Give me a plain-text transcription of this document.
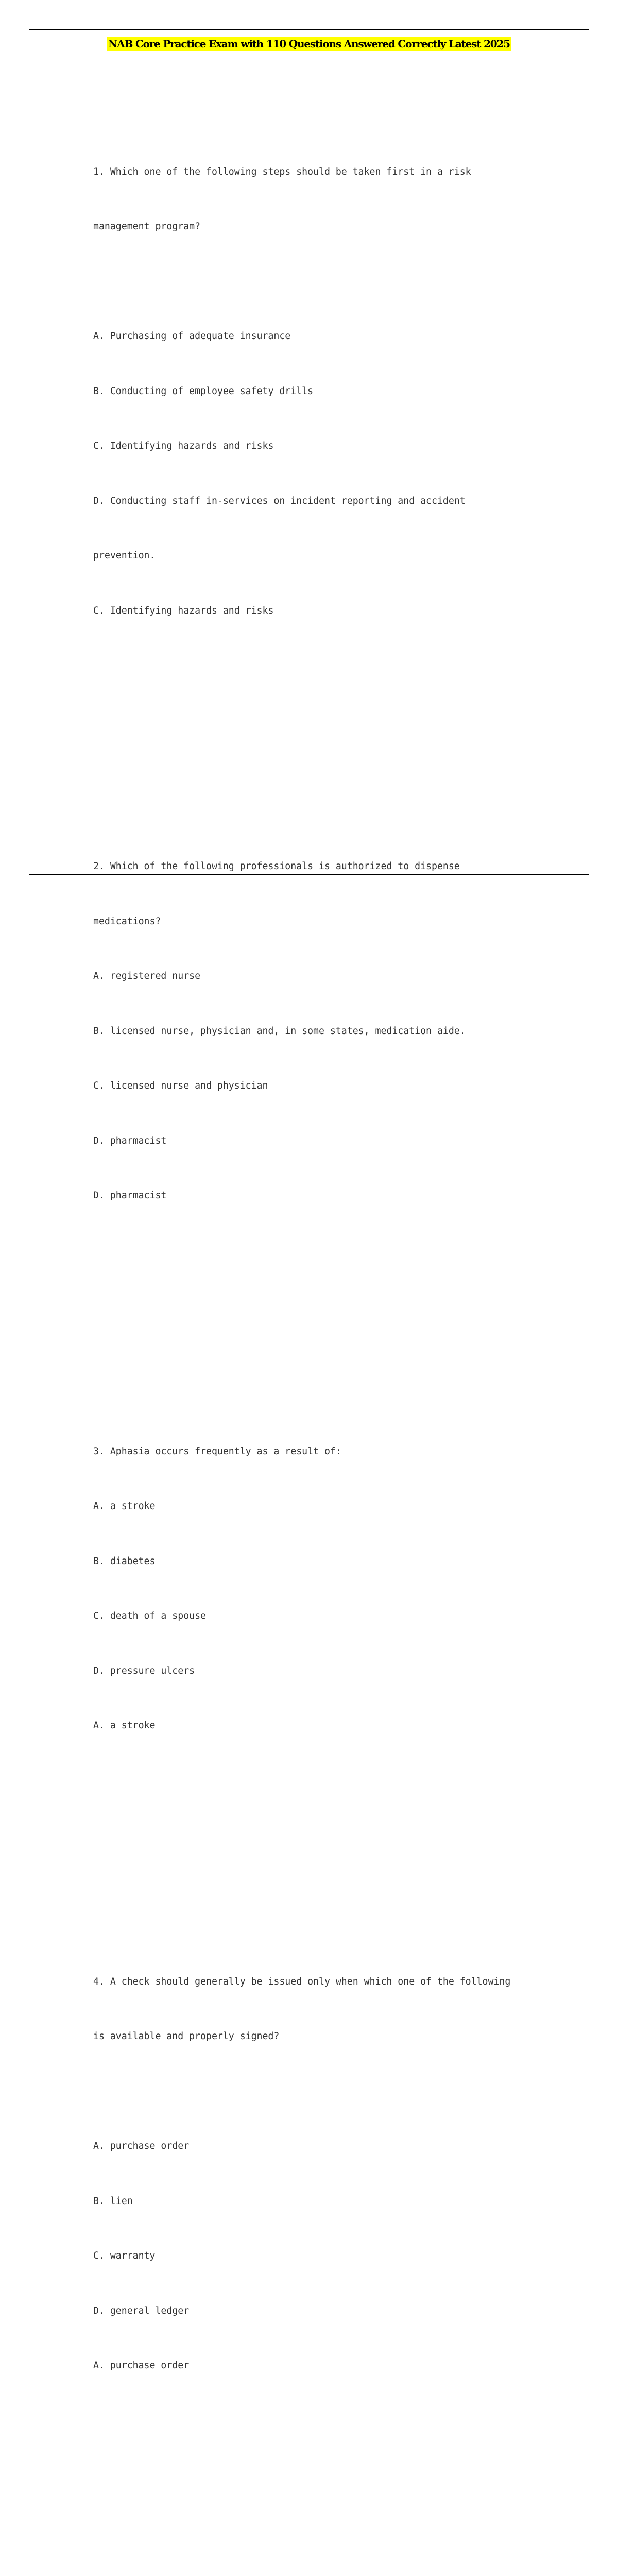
NAB Core Practice Exam with 110 Questions Answered Correctly Latest 2025

1. Which one of the following steps should be taken first in a risk

management program?

A. Purchasing of adequate insurance

B. Conducting of employee safety drills

C. Identifying hazards and risks

D. Conducting staff in-services on incident reporting and accident

prevention.

C. Identifying hazards and risks

2. Which of the following professionals is authorized to dispense

medications?

A. registered nurse

B. licensed nurse, physician and, in some states, medication aide.

C. licensed nurse and physician

D. pharmacist

D. pharmacist

3. Aphasia occurs frequently as a result of:

A. a stroke

B. diabetes

C. death of a spouse

D. pressure ulcers

A. a stroke

4. A check should generally be issued only when which one of the following

is available and properly signed?

A. purchase order

B. lien

C. warranty

D. general ledger

A. purchase order
